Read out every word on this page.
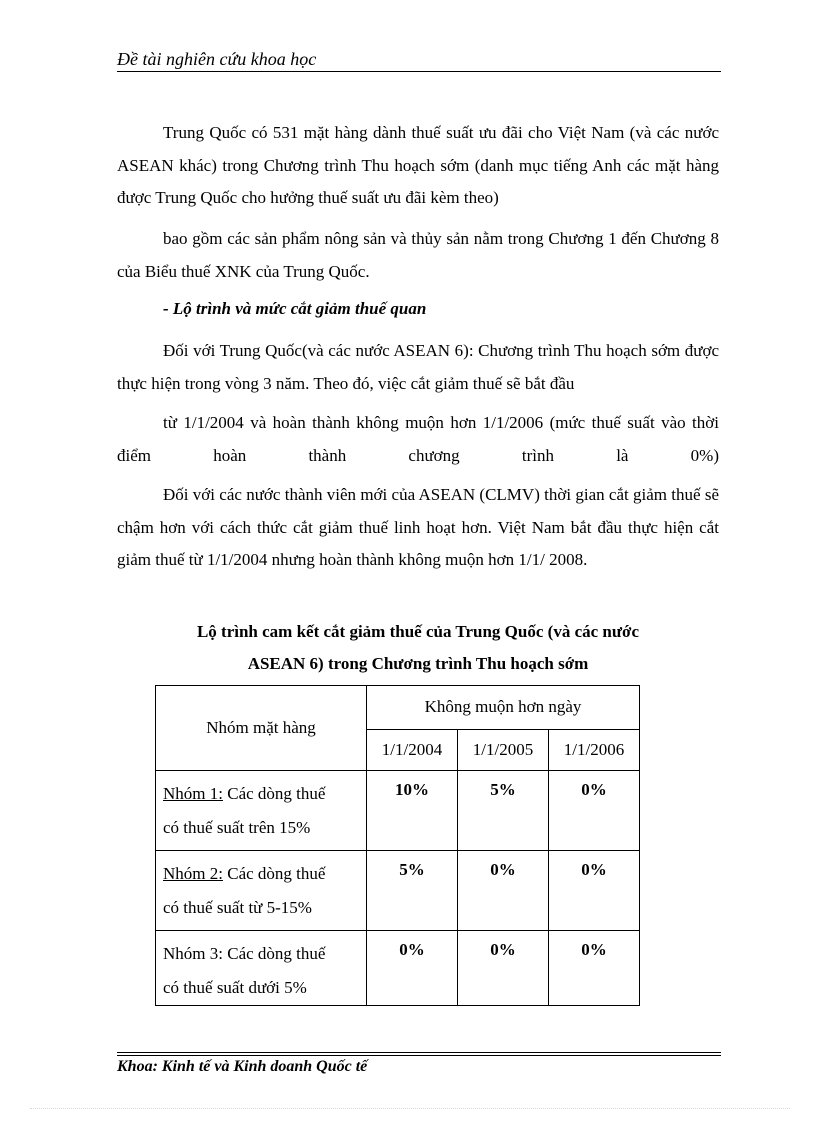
Đề tài nghiên cứu khoa học

Trung Quốc có 531 mặt hàng dành thuế suất ưu đãi cho Việt Nam (và các nước ASEAN khác) trong Chương trình Thu hoạch sớm (danh mục tiếng Anh các mặt hàng được Trung Quốc cho hưởng thuế suất ưu đãi kèm theo)

bao gồm các sản phẩm nông sản và thủy sản nằm trong Chương 1 đến Chương 8 của Biểu thuế XNK của Trung Quốc.

- Lộ trình và mức cắt giảm thuế quan

Đối với Trung Quốc(và các nước ASEAN 6): Chương trình Thu hoạch sớm được thực hiện trong vòng 3 năm. Theo đó, việc cắt giảm thuế sẽ bắt đầu

từ 1/1/2004 và hoàn thành không muộn hơn 1/1/2006 (mức thuế suất vào thời điểm hoàn thành chương trình là 0%)

Đối với các nước thành viên mới của ASEAN (CLMV) thời gian cắt giảm thuế sẽ chậm hơn với cách thức cắt giảm thuế linh hoạt hơn. Việt Nam bắt đầu thực hiện cắt giảm thuế từ 1/1/2004 nhưng hoàn thành không muộn hơn 1/1/ 2008.

Lộ trình cam kết cắt giảm thuế của Trung Quốc (và các nước
ASEAN 6) trong Chương trình Thu hoạch sớm
Nhóm mặt hàng	Không muộn hơn ngày		
	1/1/2004	1/1/2005	1/1/2006
Nhóm 1: Các dòng thuế
có thuế suất trên 15%	10%	5%	0%
Nhóm 2: Các dòng thuế
có thuế suất từ 5-15%	5%	0%	0%
Nhóm 3: Các dòng thuế
có thuế suất dưới 5%	0%	0%	0%
Khoa: Kinh tế và Kinh doanh Quốc tế
